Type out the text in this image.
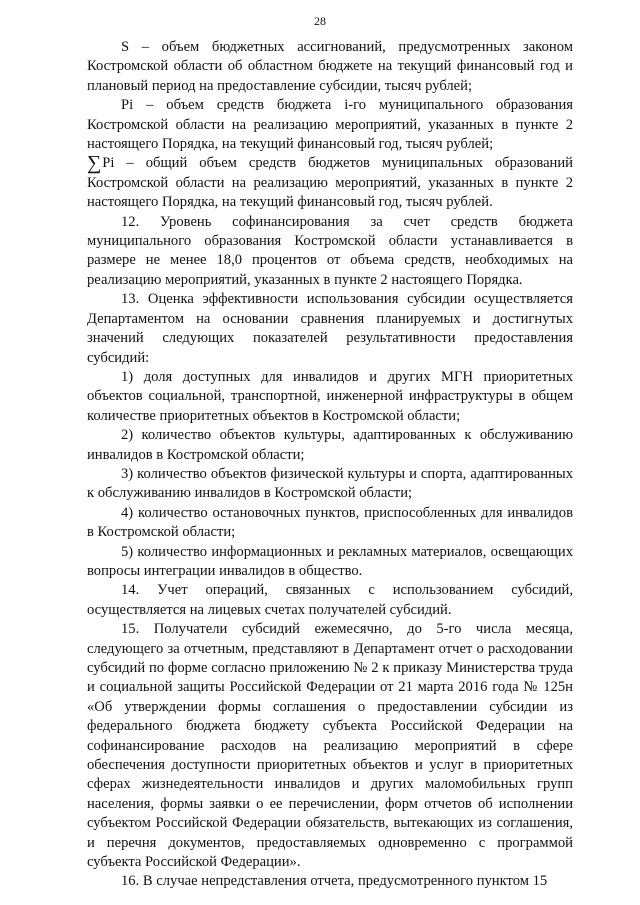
28

S – объем бюджетных ассигнований, предусмотренных законом Костромской области об областном бюджете на текущий финансовый год и плановый период на предоставление субсидии, тысяч рублей;

Pi – объем средств бюджета i-го муниципального образования Костромской области на реализацию мероприятий, указанных в пункте 2 настоящего Порядка, на текущий финансовый год, тысяч рублей;

∑Pi – общий объем средств бюджетов муниципальных образований Костромской области на реализацию мероприятий, указанных в пункте 2 настоящего Порядка, на текущий финансовый год, тысяч рублей.

12. Уровень софинансирования за счет средств бюджета муниципального образования Костромской области устанавливается в размере не менее 18,0 процентов от объема средств, необходимых на реализацию мероприятий, указанных в пункте 2 настоящего Порядка.

13. Оценка эффективности использования субсидии осуществляется Департаментом на основании сравнения планируемых и достигнутых значений следующих показателей результативности предоставления субсидий:

1) доля доступных для инвалидов и других МГН приоритетных объектов социальной, транспортной, инженерной инфраструктуры в общем количестве приоритетных объектов в Костромской области;

2) количество объектов культуры, адаптированных к обслуживанию инвалидов в Костромской области;

3) количество объектов физической культуры и спорта, адаптированных к обслуживанию инвалидов в Костромской области;

4) количество остановочных пунктов, приспособленных для инвалидов в Костромской области;

5) количество информационных и рекламных материалов, освещающих вопросы интеграции инвалидов в общество.

14. Учет операций, связанных с использованием субсидий, осуществляется на лицевых счетах получателей субсидий.

15. Получатели субсидий ежемесячно, до 5-го числа месяца, следующего за отчетным, представляют в Департамент отчет о расходовании субсидий по форме согласно приложению № 2 к приказу Министерства труда и социальной защиты Российской Федерации от 21 марта 2016 года № 125н «Об утверждении формы соглашения о предоставлении субсидии из федерального бюджета бюджету субъекта Российской Федерации на софинансирование расходов на реализацию мероприятий в сфере обеспечения доступности приоритетных объектов и услуг в приоритетных сферах жизнедеятельности инвалидов и других маломобильных групп населения, формы заявки о ее перечислении, форм отчетов об исполнении субъектом Российской Федерации обязательств, вытекающих из соглашения, и перечня документов, предоставляемых одновременно с программой субъекта Российской Федерации».

16. В случае непредставления отчета, предусмотренного пунктом 15
